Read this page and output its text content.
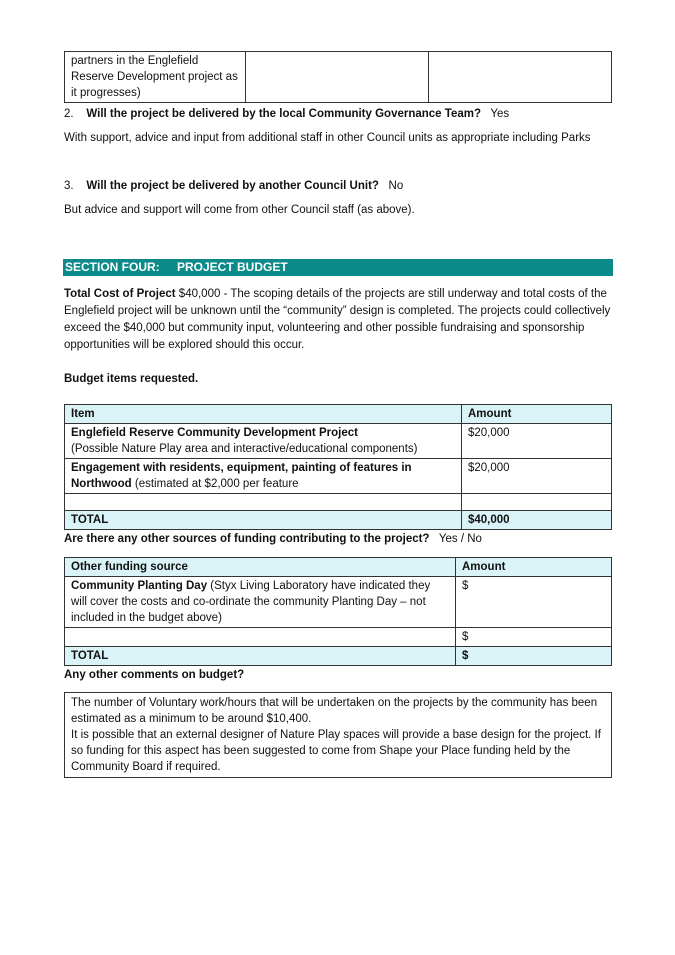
partners in the Englefield Reserve Development project as it progresses)		
2. Will the project be delivered by the local Community Governance Team? Yes
With support, advice and input from additional staff in other Council units as appropriate including Parks
3. Will the project be delivered by another Council Unit? No
But advice and support will come from other Council staff (as above).
SECTION FOUR: PROJECT BUDGET
Total Cost of Project $40,000 - The scoping details of the projects are still underway and total costs of the Englefield project will be unknown until the “community” design is completed. The projects could collectively exceed the $40,000 but community input, volunteering and other possible fundraising and sponsorship opportunities will be explored should this occur.
Budget items requested.
Item	Amount
Englefield Reserve Community Development Project
(Possible Nature Play area and interactive/educational components)	$20,000
Engagement with residents, equipment, painting of features in Northwood (estimated at $2,000 per feature	$20,000

TOTAL	$40,000
Are there any other sources of funding contributing to the project? Yes / No
Other funding source	Amount
Community Planting Day (Styx Living Laboratory have indicated they will cover the costs and co-ordinate the community Planting Day – not included in the budget above)	$
	$
TOTAL	$
Any other comments on budget?
The number of Voluntary work/hours that will be undertaken on the projects by the community has been estimated as a minimum to be around $10,400.
It is possible that an external designer of Nature Play spaces will provide a base design for the project. If so funding for this aspect has been suggested to come from Shape your Place funding held by the Community Board if required.
